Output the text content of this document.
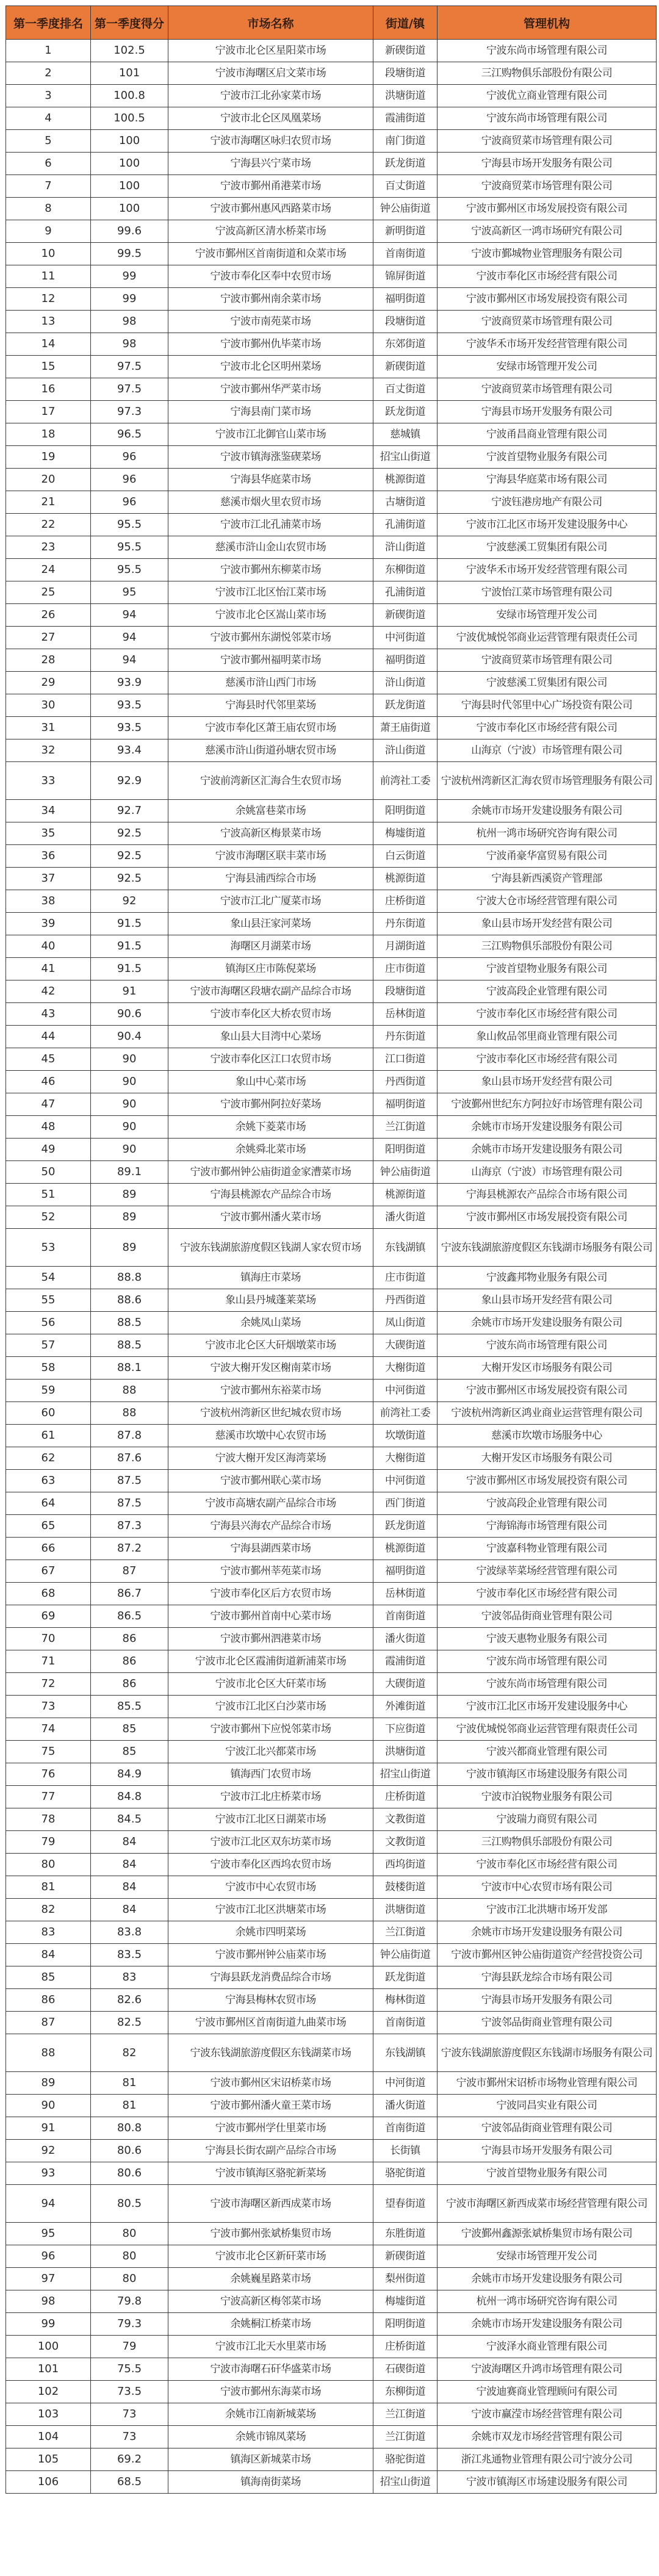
第一季度排名	第一季度得分	市场名称	街道/镇	管理机构
1	102.5	宁波市北仑区星阳菜市场	新碶街道	宁波东尚市场管理有限公司
2	101	宁波市海曙区启文菜市场	段塘街道	三江购物俱乐部股份有限公司
3	100.8	宁波市江北孙家菜市场	洪塘街道	宁波优立商业管理有限公司
4	100.5	宁波市北仑区凤凰菜场	霞浦街道	宁波东尚市场管理有限公司
5	100	宁波市海曙区咏归农贸市场	南门街道	宁波商贸菜市场管理有限公司
6	100	宁海县兴宁菜市场	跃龙街道	宁海县市场开发服务有限公司
7	100	宁波市鄞州甬港菜市场	百丈街道	宁波商贸菜市场管理有限公司
8	100	宁波市鄞州惠风西路菜市场	钟公庙街道	宁波市鄞州区市场发展投资有限公司
9	99.6	宁波高新区清水桥菜市场	新明街道	宁波高新区一鸿市场研究有限公司
10	99.5	宁波市鄞州区首南街道和众菜市场	首南街道	宁波市鄞城物业管理服务有限公司
11	99	宁波市奉化区奉中农贸市场	锦屏街道	宁波市奉化区市场经营有限公司
12	99	宁波市鄞州南余菜市场	福明街道	宁波市鄞州区市场发展投资有限公司
13	98	宁波市南苑菜市场	段塘街道	宁波商贸菜市场管理有限公司
14	98	宁波市鄞州仇毕菜市场	东郊街道	宁波华禾市场开发经营管理有限公司
15	97.5	宁波市北仑区明州菜场	新碶街道	安绿市场管理开发公司
16	97.5	宁波市鄞州华严菜市场	百丈街道	宁波商贸菜市场管理有限公司
17	97.3	宁海县南门菜市场	跃龙街道	宁海县市场开发服务有限公司
18	96.5	宁波市江北御官山菜市场	慈城镇	宁波甬昌商业管理有限公司
19	96	宁波市镇海涨鉴碶菜场	招宝山街道	宁波首望物业服务有限公司
20	96	宁海县华庭菜市场	桃源街道	宁海县华庭菜市场有限公司
21	96	慈溪市烟火里农贸市场	古塘街道	宁波钰港房地产有限公司
22	95.5	宁波市江北孔浦菜市场	孔浦街道	宁波市江北区市场开发建设服务中心
23	95.5	慈溪市浒山金山农贸市场	浒山街道	宁波慈溪工贸集团有限公司
24	95.5	宁波市鄞州东柳菜市场	东柳街道	宁波华禾市场开发经营管理有限公司
25	95	宁波市江北区怡江菜市场	孔浦街道	宁波怡江菜市场管理有限公司
26	94	宁波市北仑区嵩山菜市场	新碶街道	安绿市场管理开发公司
27	94	宁波市鄞州东湖悦邻菜市场	中河街道	宁波优城悦邻商业运营管理有限责任公司
28	94	宁波市鄞州福明菜市场	福明街道	宁波商贸菜市场管理有限公司
29	93.9	慈溪市浒山西门市场	浒山街道	宁波慈溪工贸集团有限公司
30	93.5	宁海县时代邻里菜场	跃龙街道	宁海县时代邻里中心广场投资有限公司
31	93.5	宁波市奉化区萧王庙农贸市场	萧王庙街道	宁波市奉化区市场经营有限公司
32	93.4	慈溪市浒山街道孙塘农贸市场	浒山街道	山海京（宁波）市场管理有限公司
33	92.9	宁波前湾新区汇海合生农贸市场	前湾社工委	宁波杭州湾新区汇海农贸市场管理服务有限公司
34	92.7	余姚富巷菜市场	阳明街道	余姚市市场开发建设服务有限公司
35	92.5	宁波高新区梅景菜市场	梅墟街道	杭州一鸿市场研究咨询有限公司
36	92.5	宁波市海曙区联丰菜市场	白云街道	宁波甬豪华富贸易有限公司
37	92.5	宁海县浦西综合市场	桃源街道	宁海县新西溪资产管理部
38	92	宁波市江北广厦菜市场	庄桥街道	宁波大仓市场经营管理有限公司
39	91.5	象山县汪家河菜场	丹东街道	象山县市场开发经营有限公司
40	91.5	海曙区月湖菜市场	月湖街道	三江购物俱乐部股份有限公司
41	91.5	镇海区庄市陈倪菜场	庄市街道	宁波首望物业服务有限公司
42	91	宁波市海曙区段塘农副产品综合市场	段塘街道	宁波高段企业管理有限公司
43	90.6	宁波市奉化区大桥农贸市场	岳林街道	宁波市奉化区市场经营有限公司
44	90.4	象山县大目湾中心菜场	丹东街道	象山攸品邻里商业管理有限公司
45	90	宁波市奉化区江口农贸市场	江口街道	宁波市奉化区市场经营有限公司
46	90	象山中心菜市场	丹西街道	象山县市场开发经营有限公司
47	90	宁波市鄞州阿拉好菜场	福明街道	宁波鄞州世纪东方阿拉好市场管理有限公司
48	90	余姚下菱菜市场	兰江街道	余姚市市场开发建设服务有限公司
49	90	余姚舜北菜市场	阳明街道	余姚市市场开发建设服务有限公司
50	89.1	宁波市鄞州钟公庙街道金家漕菜市场	钟公庙街道	山海京（宁波）市场管理有限公司
51	89	宁海县桃源农产品综合市场	桃源街道	宁海县桃源农产品综合市场有限公司
52	89	宁波市鄞州潘火菜市场	潘火街道	宁波市鄞州区市场发展投资有限公司
53	89	宁波东钱湖旅游度假区钱湖人家农贸市场	东钱湖镇	宁波东钱湖旅游度假区东钱湖市场服务有限公司
54	88.8	镇海庄市菜场	庄市街道	宁波鑫邦物业服务有限公司
55	88.6	象山县丹城蓬莱菜场	丹西街道	象山县市场开发经营有限公司
56	88.5	余姚凤山菜场	凤山街道	余姚市市场开发建设服务有限公司
57	88.5	宁波市北仑区大矸烟墩菜市场	大碶街道	宁波东尚市场管理有限公司
58	88.1	宁波大榭开发区榭南菜市场	大榭街道	大榭开发区市场服务有限公司
59	88	宁波市鄞州东裕菜市场	中河街道	宁波市鄞州区市场发展投资有限公司
60	88	宁波杭州湾新区世纪城农贸市场	前湾社工委	宁波杭州湾新区鸿业商业运营管理有限公司
61	87.8	慈溪市坎墩中心农贸市场	坎墩街道	慈溪市坎墩市场服务中心
62	87.6	宁波大榭开发区海湾菜场	大榭街道	大榭开发区市场服务有限公司
63	87.5	宁波市鄞州联心菜市场	中河街道	宁波市鄞州区市场发展投资有限公司
64	87.5	宁波市高塘农副产品综合市场	西门街道	宁波高段企业管理有限公司
65	87.3	宁海县兴海农产品综合市场	跃龙街道	宁海锦海市场管理有限公司
66	87.2	宁海县湖西菜市场	桃源街道	宁波嘉科物业管理有限公司
67	87	宁波市鄞州莘苑菜市场	福明街道	宁波绿莘菜场经营管理有限公司
68	86.7	宁波市奉化区后方农贸市场	岳林街道	宁波市奉化区市场经营有限公司
69	86.5	宁波市鄞州首南中心菜市场	首南街道	宁波邻品街商业管理有限公司
70	86	宁波市鄞州泗港菜市场	潘火街道	宁波天惠物业服务有限公司
71	86	宁波市北仑区霞浦街道新浦菜市场	霞浦街道	宁波东尚市场管理有限公司
72	86	宁波市北仑区大矸菜市场	大碶街道	宁波东尚市场管理有限公司
73	85.5	宁波市江北区白沙菜市场	外滩街道	宁波市江北区市场开发建设服务中心
74	85	宁波市鄞州下应悦邻菜市场	下应街道	宁波优城悦邻商业运营管理有限责任公司
75	85	宁波江北兴都菜市场	洪塘街道	宁波兴都商业管理有限公司
76	84.9	镇海西门农贸市场	招宝山街道	宁波市镇海区市场建设服务有限公司
77	84.8	宁波市江北庄桥菜市场	庄桥街道	宁波市泊锐物业服务有限公司
78	84.5	宁波市江北区日湖菜市场	文教街道	宁波瑞力商贸有限公司
79	84	宁波市江北区双东坊菜市场	文教街道	三江购物俱乐部股份有限公司
80	84	宁波市奉化区西坞农贸市场	西坞街道	宁波市奉化区市场经营有限公司
81	84	宁波市中心农贸市场	鼓楼街道	宁波市中心农贸市场有限公司
82	84	宁波市江北区洪塘菜市场	洪塘街道	宁波市江北洪塘市场开发部
83	83.8	余姚市四明菜场	兰江街道	余姚市市场开发建设服务有限公司
84	83.5	宁波市鄞州钟公庙菜市场	钟公庙街道	宁波市鄞州区钟公庙街道资产经营投资公司
85	83	宁海县跃龙消费品综合市场	跃龙街道	宁海县跃龙综合市场有限公司
86	82.6	宁海县梅林农贸市场	梅林街道	宁海县市场开发服务有限公司
87	82.5	宁波市鄞州区首南街道九曲菜市场	首南街道	宁波邻品街商业管理有限公司
88	82	宁波东钱湖旅游度假区东钱湖菜市场	东钱湖镇	宁波东钱湖旅游度假区东钱湖市场服务有限公司
89	81	宁波市鄞州区宋诏桥菜市场	中河街道	宁波市鄞州宋诏桥市场物业管理有限公司
90	81	宁波市鄞州潘火童王菜市场	潘火街道	宁波同昌实业有限公司
91	80.8	宁波市鄞州学仕里菜市场	首南街道	宁波邻品街商业管理有限公司
92	80.6	宁海县长街农副产品综合市场	长街镇	宁海县市场开发服务有限公司
93	80.6	宁波市镇海区骆驼新菜场	骆驼街道	宁波首望物业服务有限公司
94	80.5	宁波市海曙区新西成菜市场	望春街道	宁波市海曙区新西成菜市场经营管理有限公司
95	80	宁波市鄞州张斌桥集贸市场	东胜街道	宁波鄞州鑫源张斌桥集贸市场有限公司
96	80	宁波市北仑区新矸菜市场	新碶街道	安绿市场管理开发公司
97	80	余姚巍星路菜市场	梨州街道	余姚市市场开发建设服务有限公司
98	79.8	宁波高新区梅邻菜市场	梅墟街道	杭州一鸿市场研究咨询有限公司
99	79.3	余姚桐江桥菜市场	阳明街道	余姚市市场开发建设服务有限公司
100	79	宁波市江北天水里菜市场	庄桥街道	宁波泽水商业管理有限公司
101	75.5	宁波市海曙石矸华盛菜市场	石碶街道	宁波海曙区升鸿市场管理有限公司
102	73.5	宁波市鄞州东海菜市场	东柳街道	宁波迪赛商业管理顾问有限公司
103	73	余姚市江南新城菜场	兰江街道	宁波市赢滢市场经营管理有限公司
104	73	余姚市锦凤菜场	兰江街道	余姚市双龙市场经营管理有限公司
105	69.2	镇海区新城菜市场	骆驼街道	浙江兆通物业管理有限公司宁波分公司
106	68.5	镇海南街菜场	招宝山街道	宁波市镇海区市场建设服务有限公司
